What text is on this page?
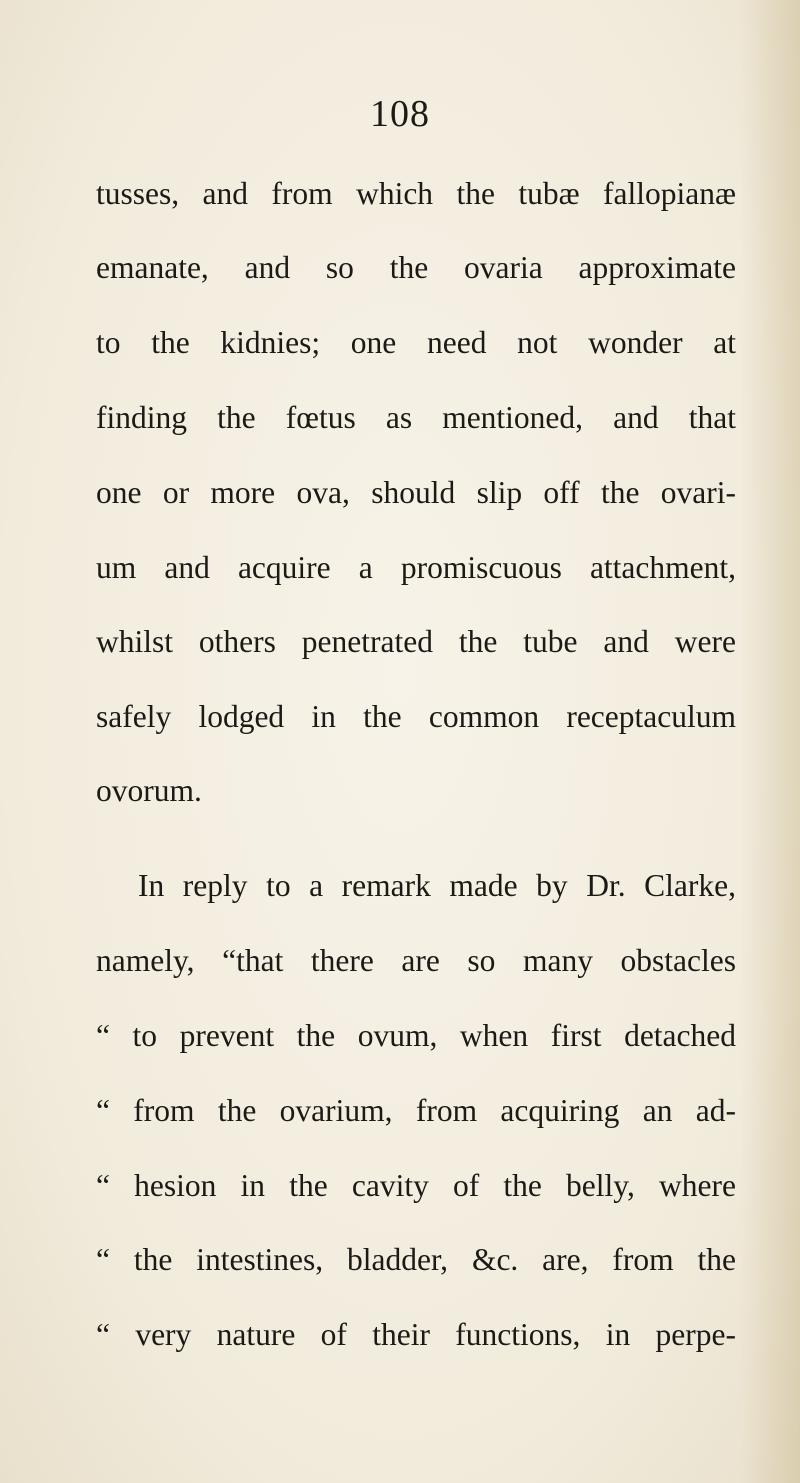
108
tusses, and from which the tubæ fallopianæ
emanate, and so the ovaria approximate
to the kidnies; one need not wonder at
finding the fœtus as mentioned, and that
one or more ova, should slip off the ovari-
um and acquire a promiscuous attachment,
whilst others penetrated the tube and were
safely lodged in the common receptaculum
ovorum.
In reply to a remark made by Dr. Clarke,
namely, “that there are so many obstacles
“ to prevent the ovum, when first detached
“ from the ovarium, from acquiring an ad-
“ hesion in the cavity of the belly, where
“ the intestines, bladder, &c. are, from the
“ very nature of their functions, in perpe-
